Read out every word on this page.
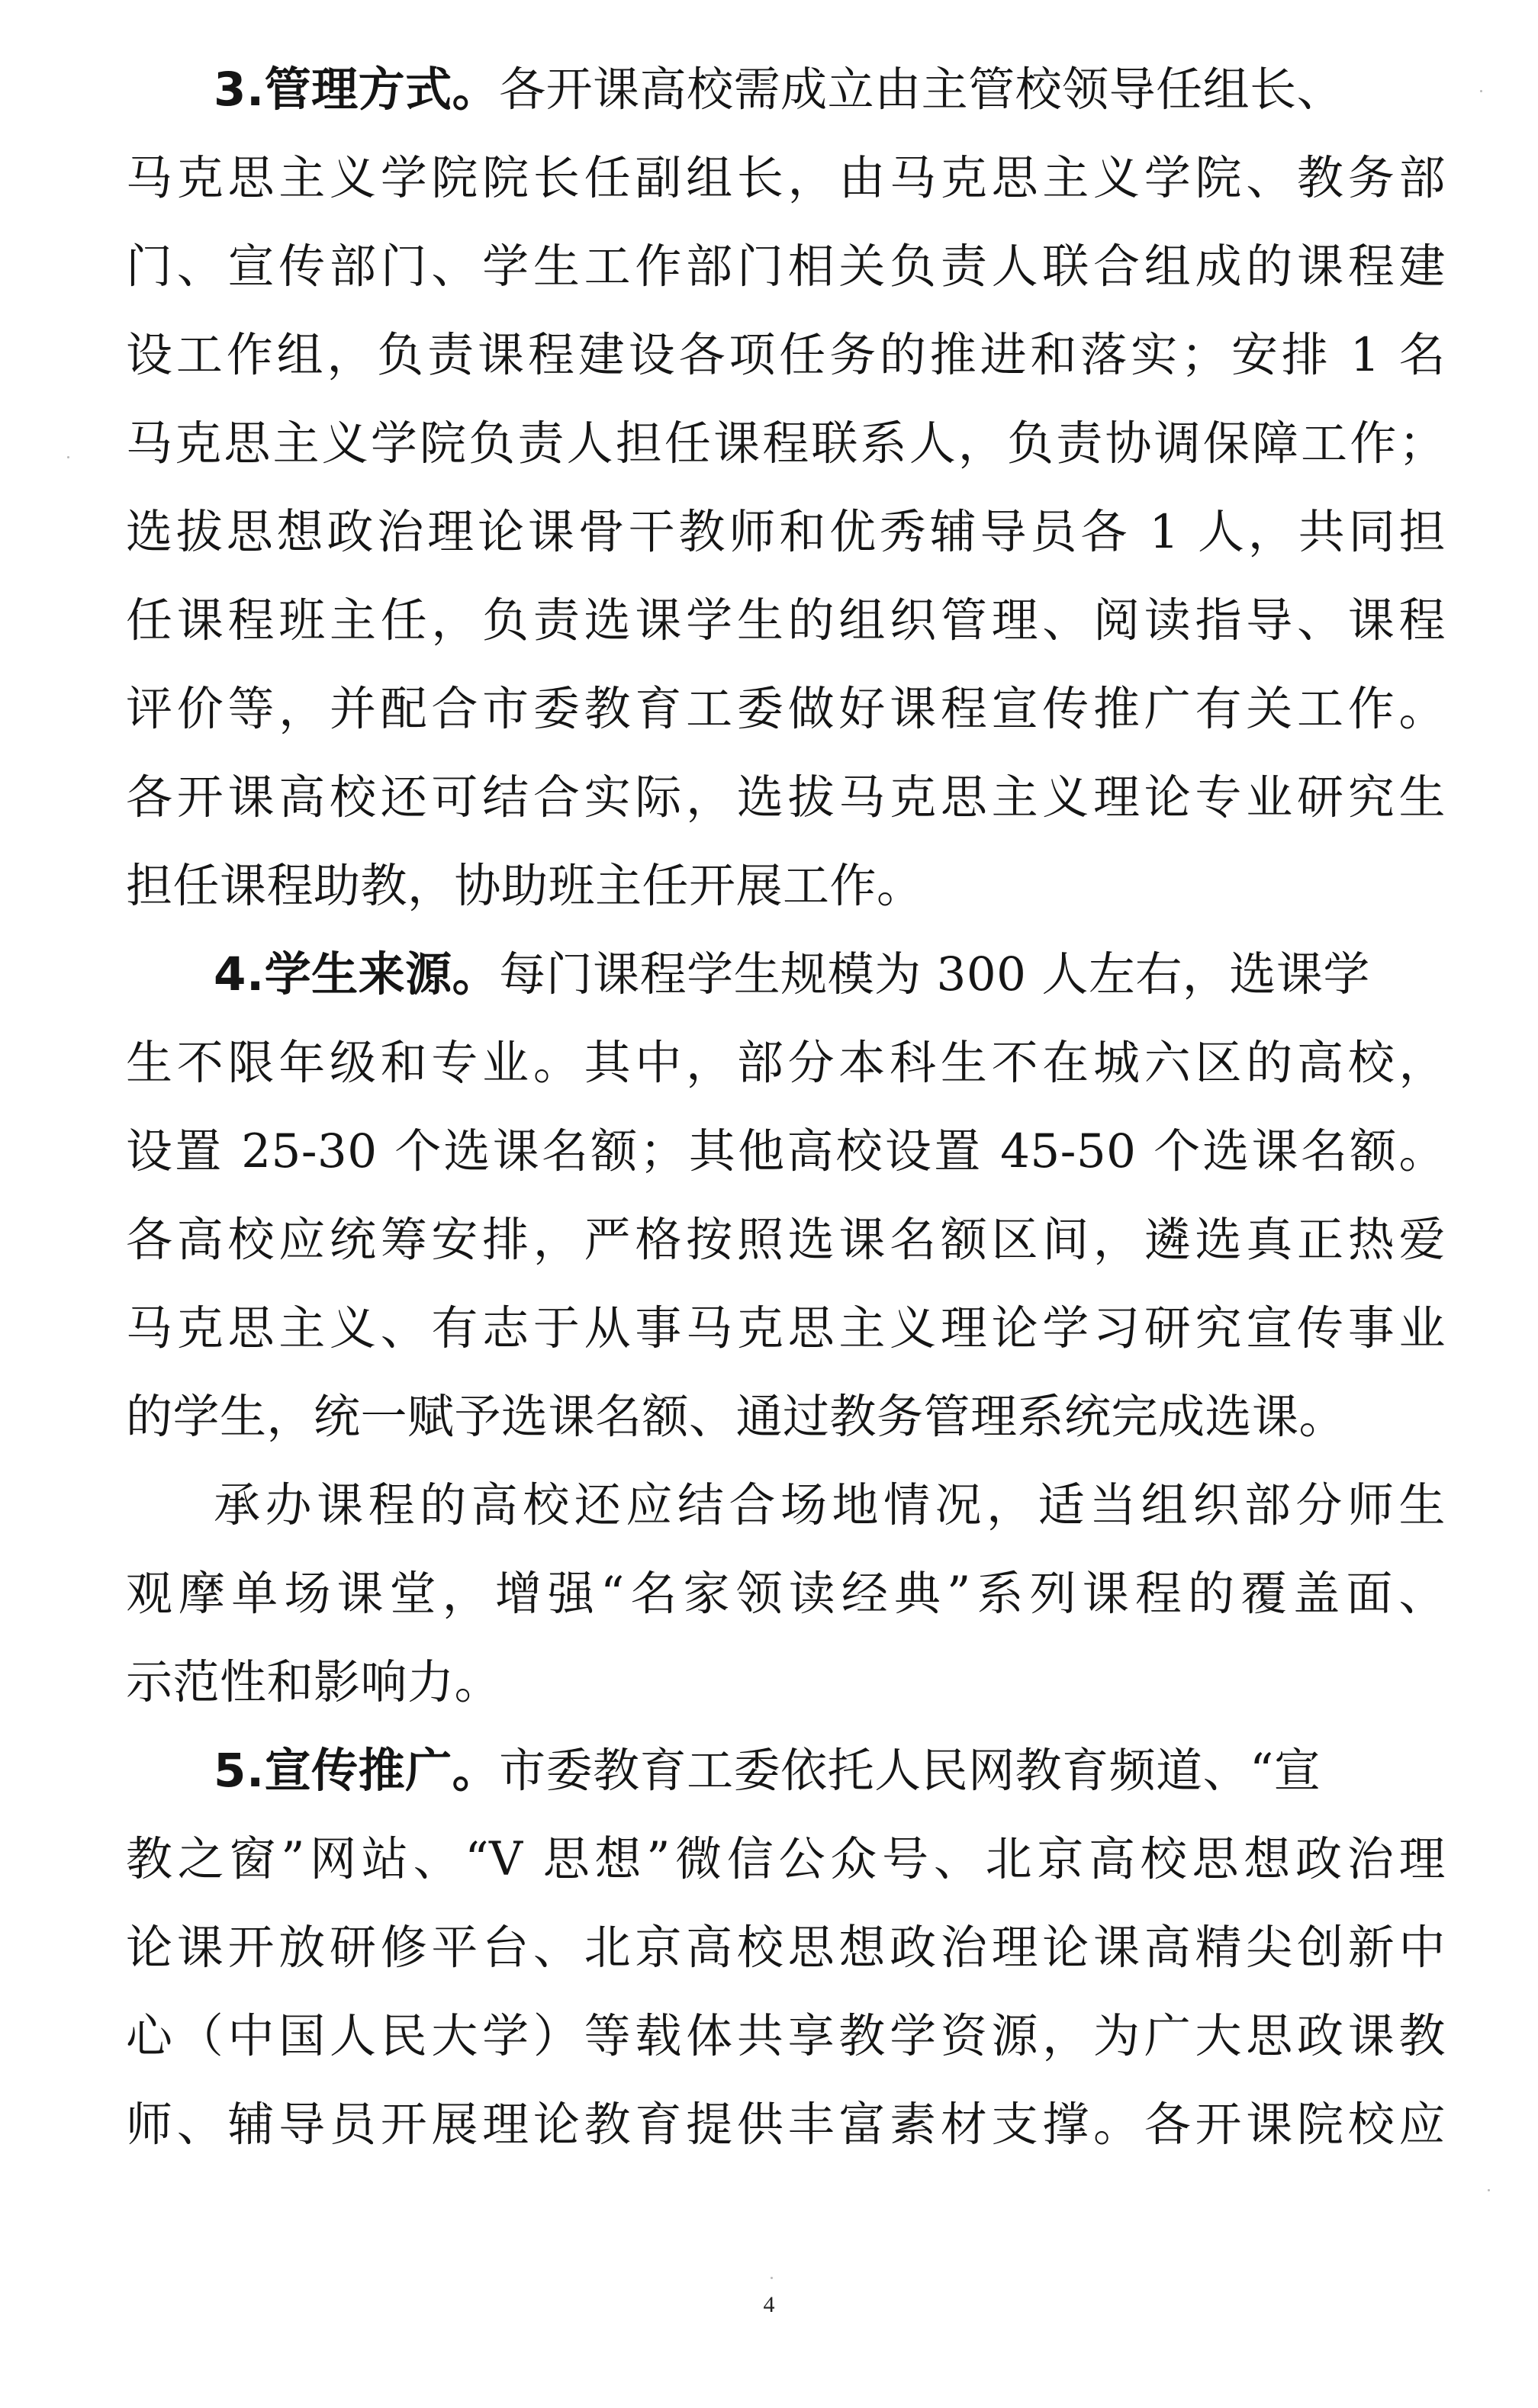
3.管理方式。各开课高校需成立由主管校领导任组长、
马克思主义学院院长任副组长，由马克思主义学院、教务部
门、宣传部门、学生工作部门相关负责人联合组成的课程建
设工作组，负责课程建设各项任务的推进和落实；安排 1 名
马克思主义学院负责人担任课程联系人，负责协调保障工作；
选拔思想政治理论课骨干教师和优秀辅导员各 1 人，共同担
任课程班主任，负责选课学生的组织管理、阅读指导、课程
评价等，并配合市委教育工委做好课程宣传推广有关工作。
各开课高校还可结合实际，选拔马克思主义理论专业研究生
担任课程助教，协助班主任开展工作。
4.学生来源。每门课程学生规模为 300 人左右，选课学
生不限年级和专业。其中，部分本科生不在城六区的高校，
设置 25-30 个选课名额；其他高校设置 45-50 个选课名额。
各高校应统筹安排，严格按照选课名额区间，遴选真正热爱
马克思主义、有志于从事马克思主义理论学习研究宣传事业
的学生，统一赋予选课名额、通过教务管理系统完成选课。
承办课程的高校还应结合场地情况，适当组织部分师生
观摩单场课堂，增强“名家领读经典”系列课程的覆盖面、
示范性和影响力。
5.宣传推广。市委教育工委依托人民网教育频道、“宣
教之窗”网站、“V 思想”微信公众号、北京高校思想政治理
论课开放研修平台、北京高校思想政治理论课高精尖创新中
心（中国人民大学）等载体共享教学资源，为广大思政课教
师、辅导员开展理论教育提供丰富素材支撑。各开课院校应
4
